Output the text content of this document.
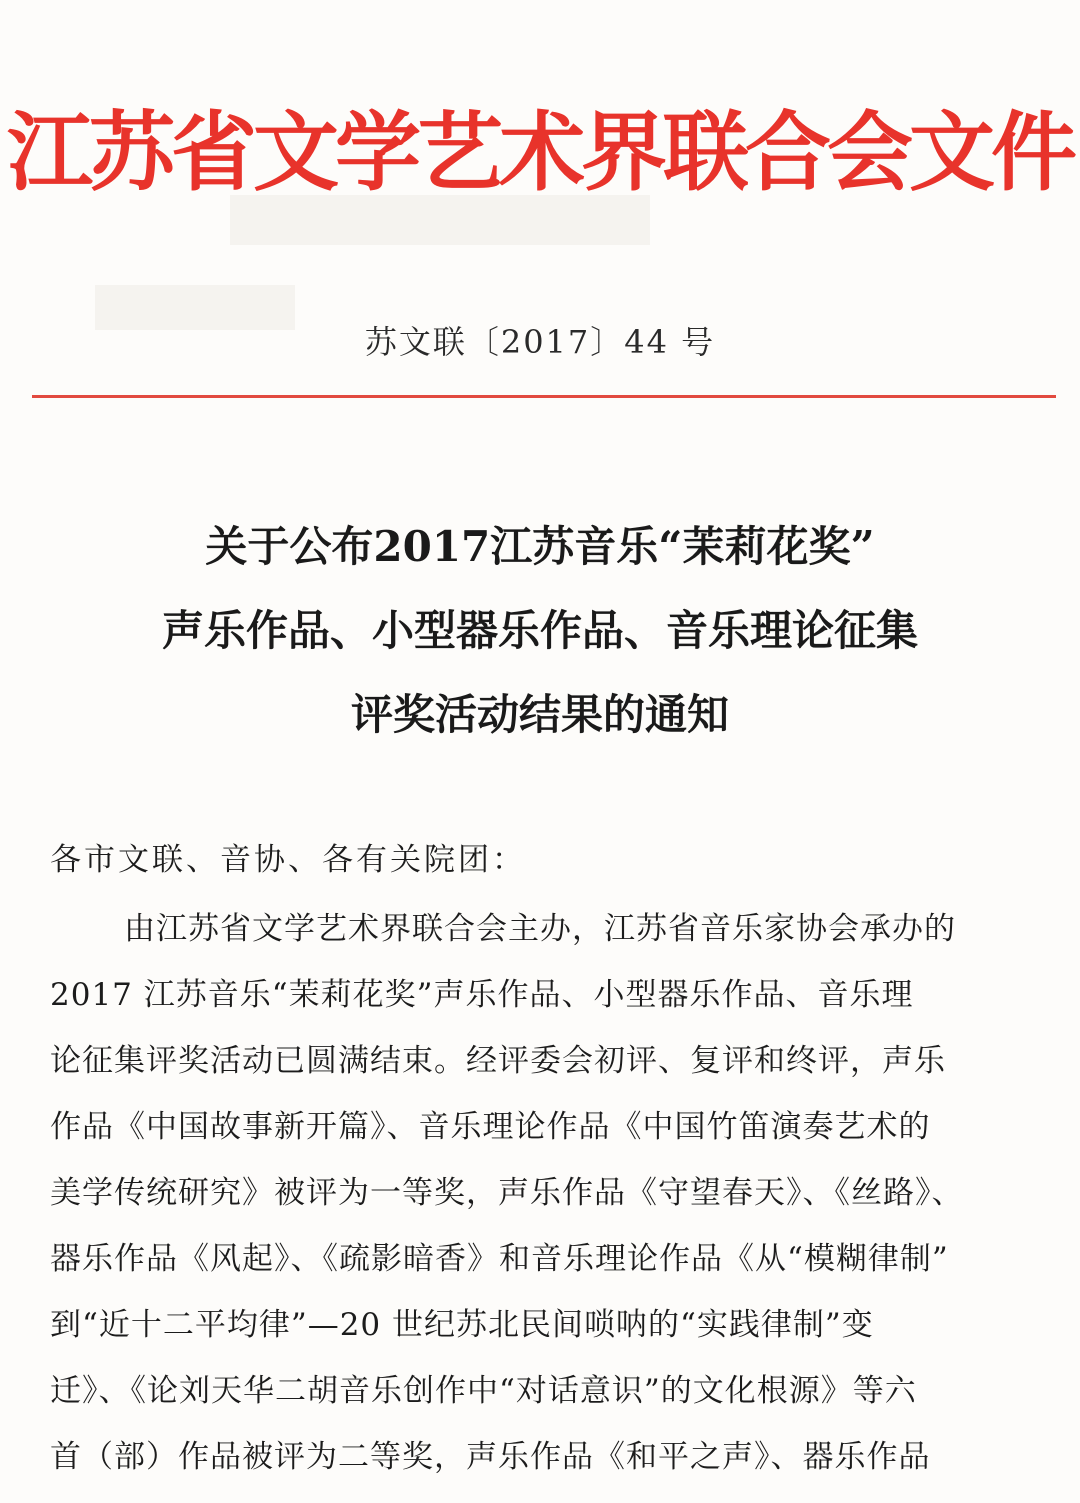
江苏省文学艺术界联合会文件
苏文联〔2017〕44 号
关于公布2017江苏音乐“茉莉花奖”
声乐作品、小型器乐作品、音乐理论征集
评奖活动结果的通知
各市文联、音协、各有关院团：
由江苏省文学艺术界联合会主办，江苏省音乐家协会承办的
2017 江苏音乐“茉莉花奖”声乐作品、小型器乐作品、音乐理
论征集评奖活动已圆满结束。经评委会初评、复评和终评，声乐
作品《中国故事新开篇》、音乐理论作品《中国竹笛演奏艺术的
美学传统研究》被评为一等奖，声乐作品《守望春天》、《丝路》、
器乐作品《风起》、《疏影暗香》和音乐理论作品《从“模糊律制”
到“近十二平均律”—20 世纪苏北民间唢呐的“实践律制”变
迁》、《论刘天华二胡音乐创作中“对话意识”的文化根源》等六
首（部）作品被评为二等奖，声乐作品《和平之声》、器乐作品
